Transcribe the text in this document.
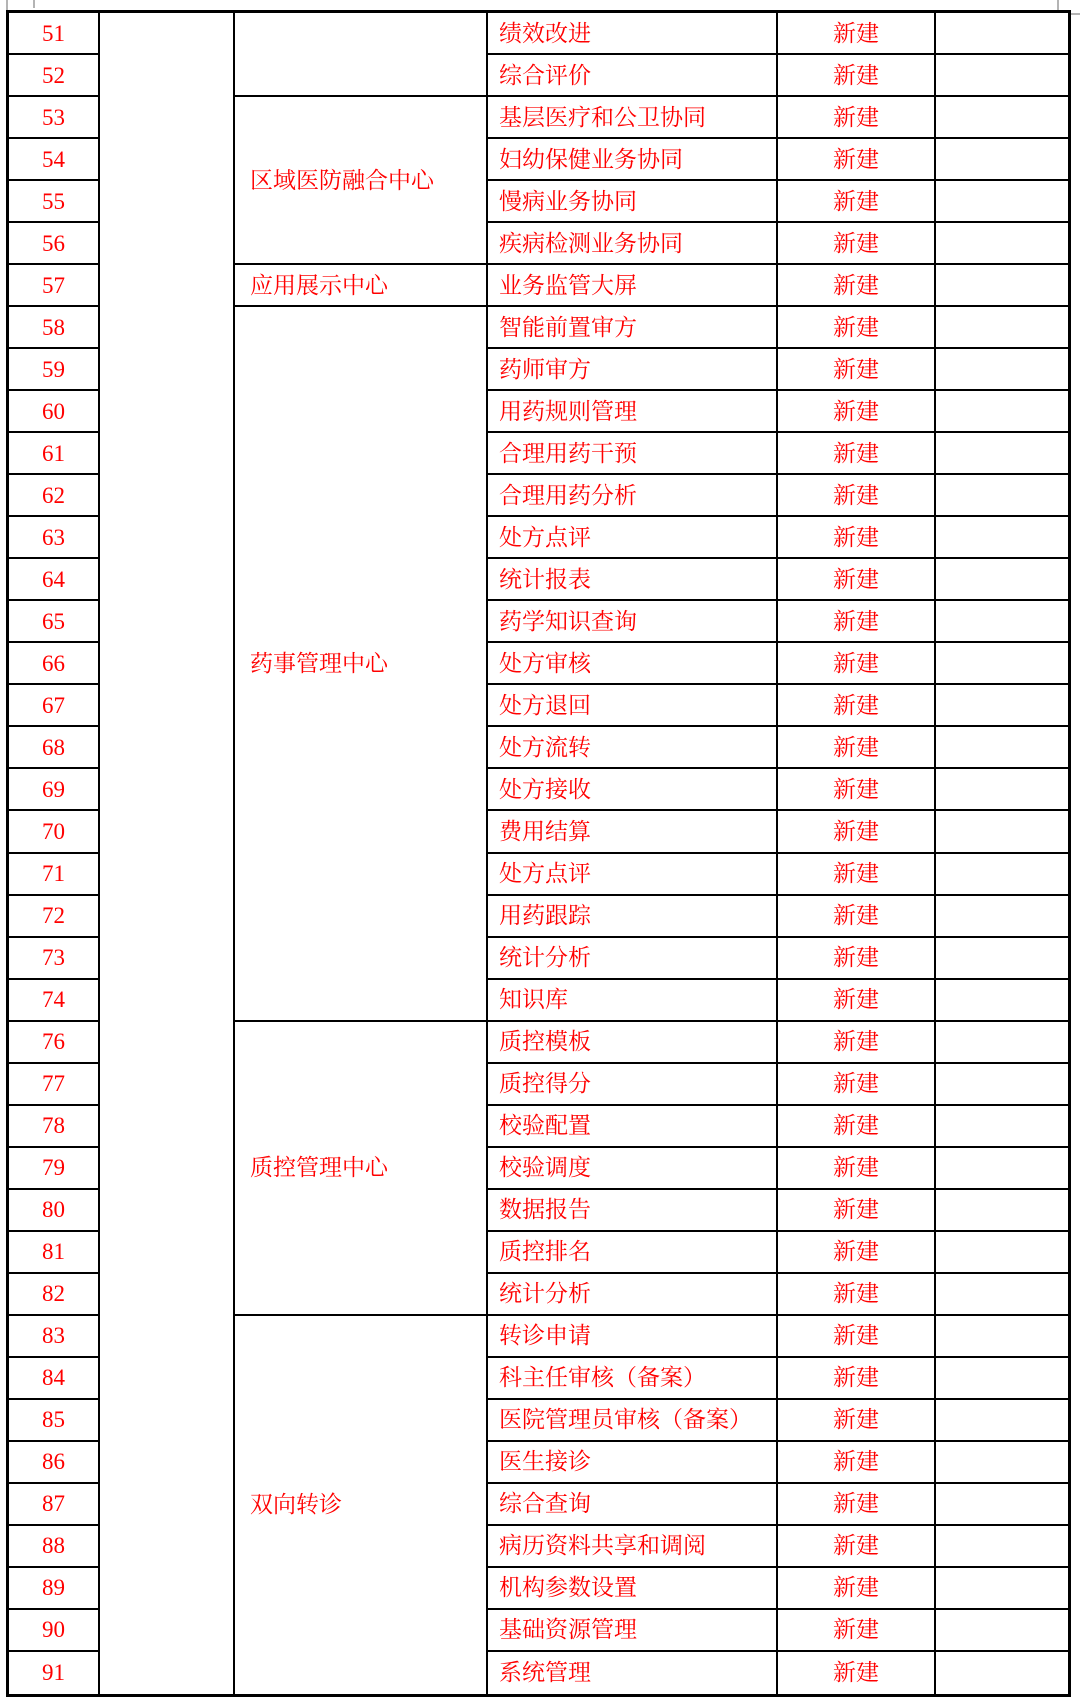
51	绩效改进	新建
52	综合评价	新建
区域医防融合中心
53	基层医疗和公卫协同	新建
54	妇幼保健业务协同	新建
55	慢病业务协同	新建
56	疾病检测业务协同	新建
应用展示中心
57	业务监管大屏	新建
药事管理中心
58	智能前置审方	新建
59	药师审方	新建
60	用药规则管理	新建
61	合理用药干预	新建
62	合理用药分析	新建
63	处方点评	新建
64	统计报表	新建
65	药学知识查询	新建
66	处方审核	新建
67	处方退回	新建
68	处方流转	新建
69	处方接收	新建
70	费用结算	新建
71	处方点评	新建
72	用药跟踪	新建
73	统计分析	新建
74	知识库	新建
质控管理中心
76	质控模板	新建
77	质控得分	新建
78	校验配置	新建
79	校验调度	新建
80	数据报告	新建
81	质控排名	新建
82	统计分析	新建
双向转诊
83	转诊申请	新建
84	科主任审核（备案）	新建
85	医院管理员审核（备案）	新建
86	医生接诊	新建
87	综合查询	新建
88	病历资料共享和调阅	新建
89	机构参数设置	新建
90	基础资源管理	新建
91	系统管理	新建
